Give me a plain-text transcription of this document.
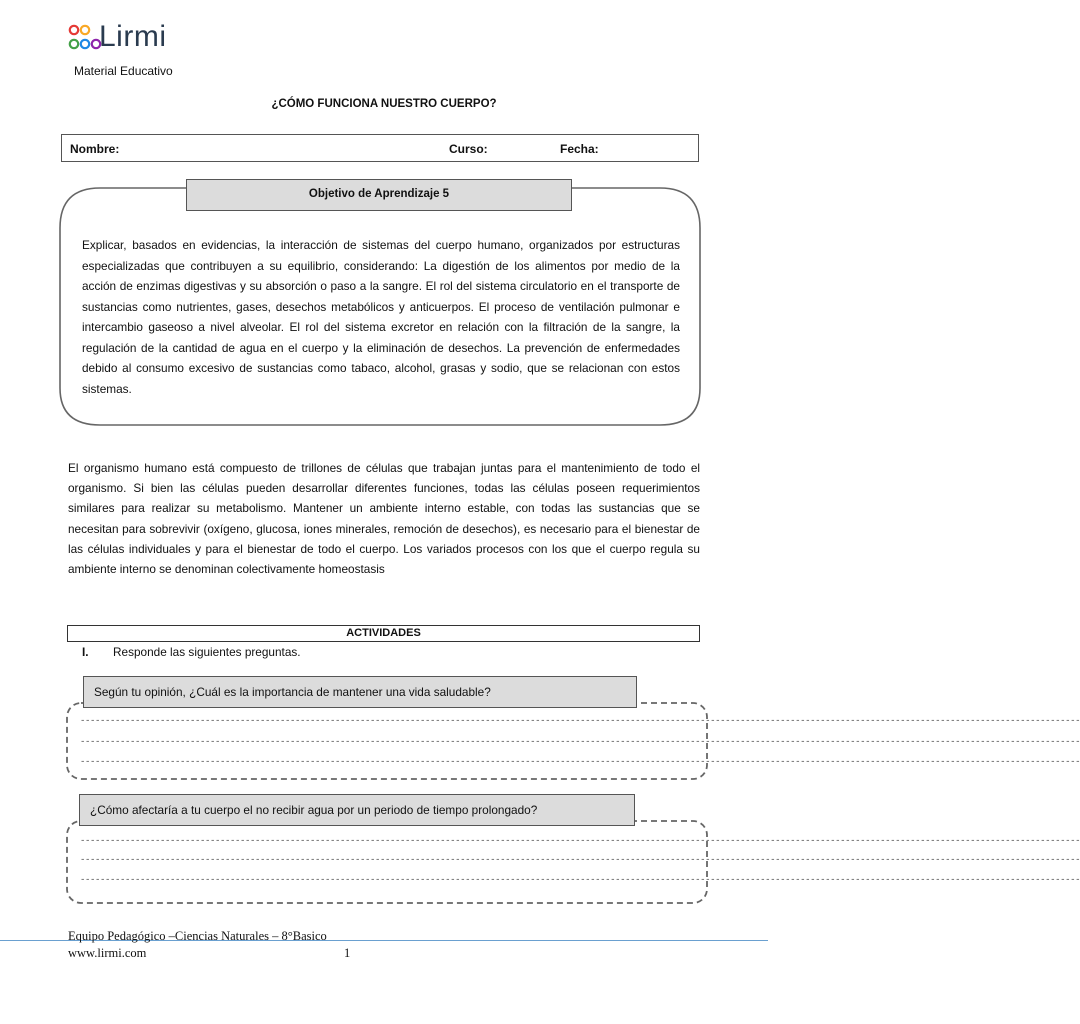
Lirmi
Material Educativo
¿CÓMO FUNCIONA NUESTRO CUERPO?
Nombre:	Curso:	Fecha:
Objetivo de Aprendizaje 5
Explicar, basados en evidencias, la interacción de sistemas del cuerpo humano, organizados por estructuras especializadas que contribuyen a su equilibrio, considerando: La digestión de los alimentos por medio de la acción de enzimas digestivas y su absorción o paso a la sangre. El rol del sistema circulatorio en el transporte de sustancias como nutrientes, gases, desechos metabólicos y anticuerpos. El proceso de ventilación pulmonar e intercambio gaseoso a nivel alveolar. El rol del sistema excretor en relación con la filtración de la sangre, la regulación de la cantidad de agua en el cuerpo y la eliminación de desechos. La prevención de enfermedades debido al consumo excesivo de sustancias como tabaco, alcohol, grasas y sodio, que se relacionan con estos sistemas.
El organismo humano está compuesto de trillones de células que trabajan juntas para el mantenimiento de todo el organismo. Si bien las células pueden desarrollar diferentes funciones, todas las células poseen requerimientos similares para realizar su metabolismo. Mantener un ambiente interno estable, con todas las sustancias que se necesitan para sobrevivir (oxígeno, glucosa, iones minerales, remoción de desechos), es necesario para el bienestar de las células individuales y para el bienestar de todo el cuerpo. Los variados procesos con los que el cuerpo regula su ambiente interno se denominan colectivamente homeostasis
ACTIVIDADES
I. Responde las siguientes preguntas.
Según tu opinión, ¿Cuál es la importancia de mantener una vida saludable?
--------------------------------------------------------------------------------------------------------------------------------------------------------------------------------------------------------
--------------------------------------------------------------------------------------------------------------------------------------------------------------------------------------------------------
--------------------------------------------------------------------------------------------------------------------------------------------------------------------------------------------------------
¿Cómo afectaría a tu cuerpo el no recibir agua por un periodo de tiempo prolongado?
--------------------------------------------------------------------------------------------------------------------------------------------------------------------------------------------------------
--------------------------------------------------------------------------------------------------------------------------------------------------------------------------------------------------------
--------------------------------------------------------------------------------------------------------------------------------------------------------------------------------------------------------
Equipo Pedagógico –Ciencias Naturales – 8°Basico
www.lirmi.com	1
